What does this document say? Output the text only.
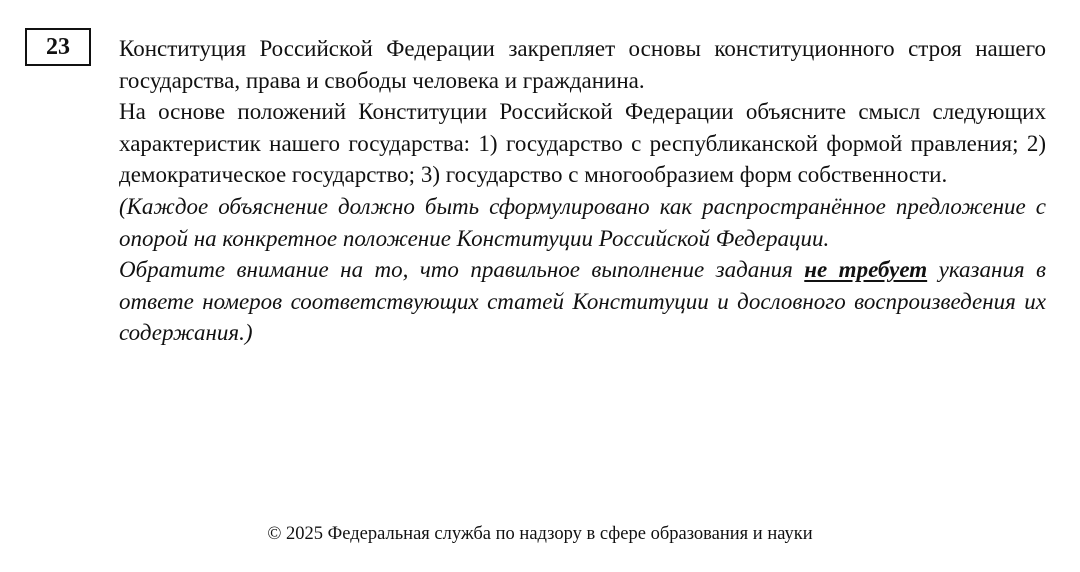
23 Конституция Российской Федерации закрепляет основы конституционного строя нашего государства, права и свободы человека и гражданина.

На основе положений Конституции Российской Федерации объясните смысл следующих характеристик нашего государства: 1) государство с республиканской формой правления; 2) демократическое государство; 3) государство с многообразием форм собственности.

(Каждое объяснение должно быть сформулировано как распространённое предложение с опорой на конкретное положение Конституции Российской Федерации.

Обратите внимание на то, что правильное выполнение задания не требует указания в ответе номеров соответствующих статей Конституции и дословного воспроизведения их содержания.)

© 2025 Федеральная служба по надзору в сфере образования и науки
